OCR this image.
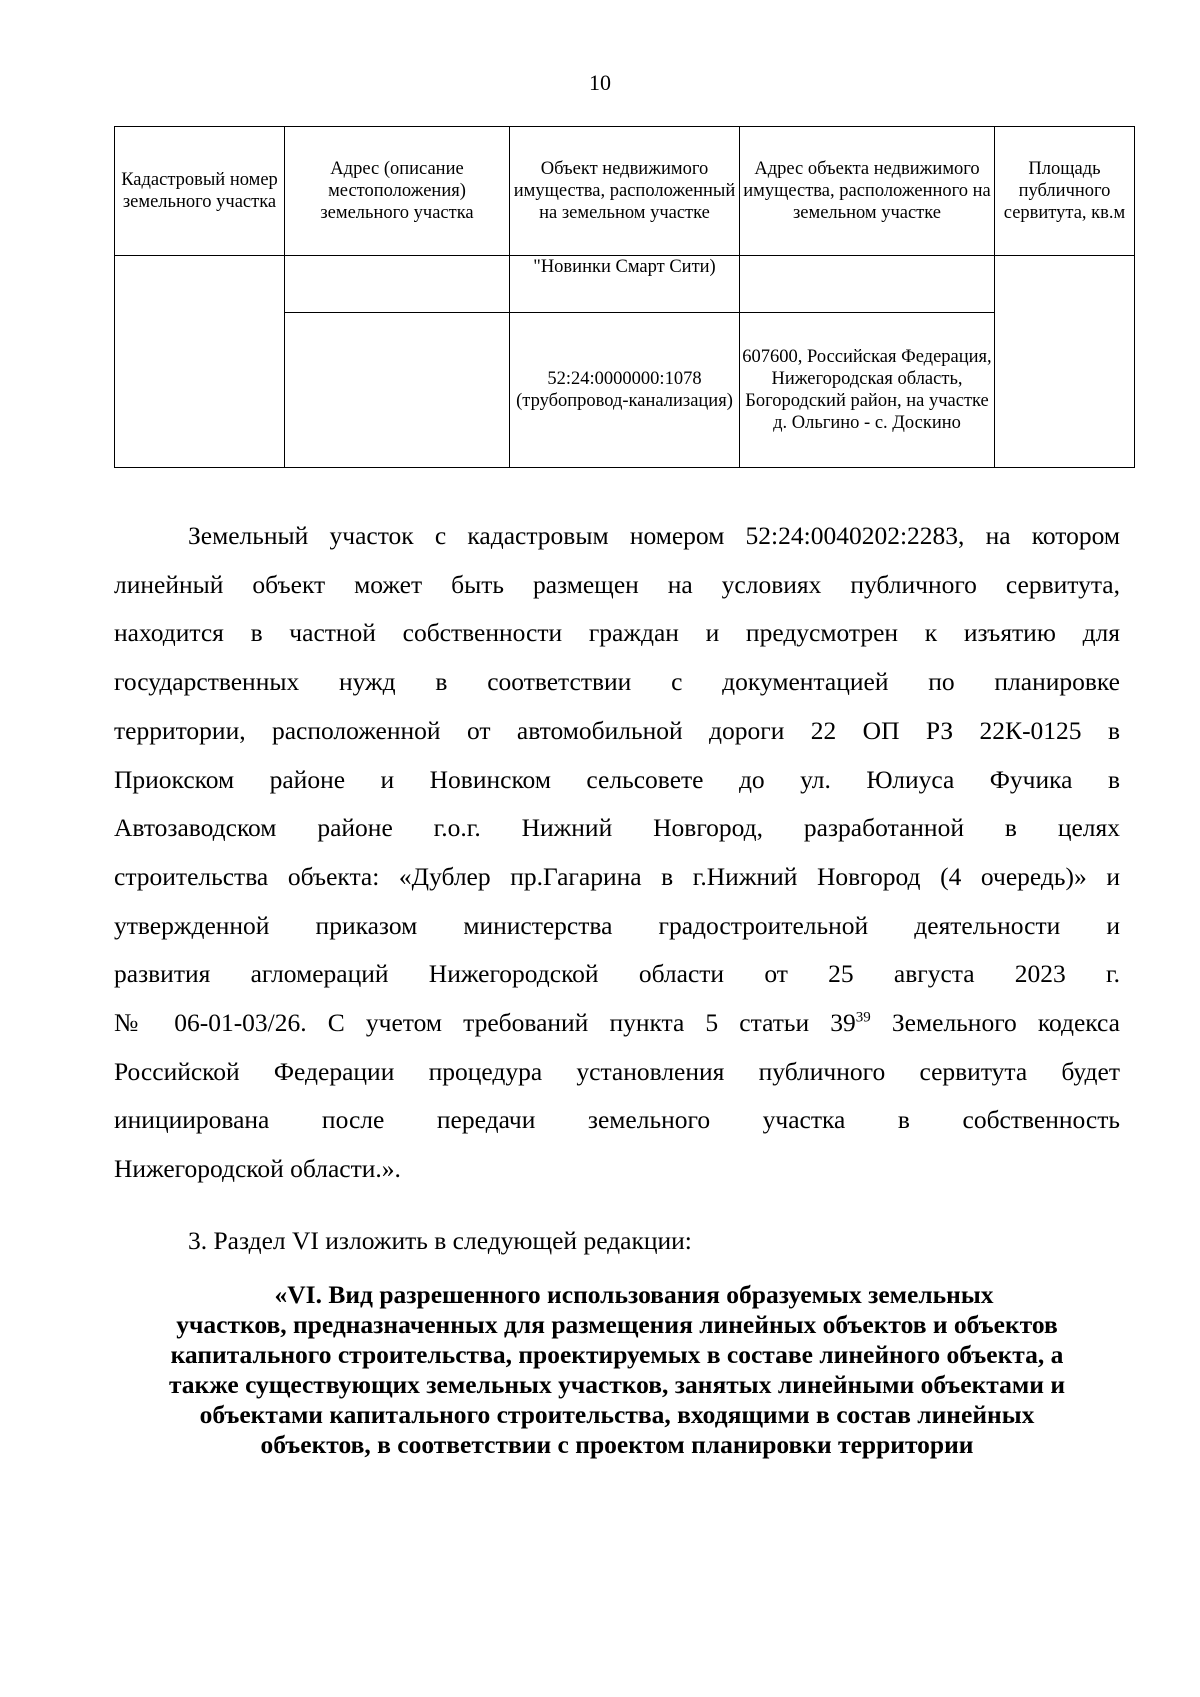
10
Кадастровый номер земельного участка	Адрес (описание местоположения) земельного участка	Объект недвижимого имущества, расположенный на земельном участке	Адрес объекта недвижимого имущества, расположенного на земельном участке	Площадь публичного сервитута, кв.м
		"Новинки Смарт Сити)		
		52:24:0000000:1078 (трубопровод-канализация)	607600, Российская Федерация, Нижегородская область, Богородский район, на участке д. Ольгино - с. Доскино	
Земельный участок с кадастровым номером 52:24:0040202:2283, на котором
линейный объект может быть размещен на условиях публичного сервитута,
находится в частной собственности граждан и предусмотрен к изъятию для
государственных нужд в соответствии с документацией по планировке
территории, расположенной от автомобильной дороги 22 ОП РЗ 22К-0125 в
Приокском районе и Новинском сельсовете до ул. Юлиуса Фучика в
Автозаводском районе г.о.г. Нижний Новгород, разработанной в целях
строительства объекта: «Дублер пр.Гагарина в г.Нижний Новгород (4 очередь)» и
утвержденной приказом министерства градостроительной деятельности и
развития агломераций Нижегородской области от 25 августа 2023 г.
№ 06-01-03/26. С учетом требований пункта 5 статьи $39^{39}$ Земельного кодекса
Российской Федерации процедура установления публичного сервитута будет
инициирована после передачи земельного участка в собственность
Нижегородской области.».
3. Раздел VI изложить в следующей редакции:
«VI. Вид разрешенного использования образуемых земельных
участков, предназначенных для размещения линейных объектов и объектов
капитального строительства, проектируемых в составе линейного объекта, а
также существующих земельных участков, занятых линейными объектами и
объектами капитального строительства, входящими в состав линейных
объектов, в соответствии с проектом планировки территории
